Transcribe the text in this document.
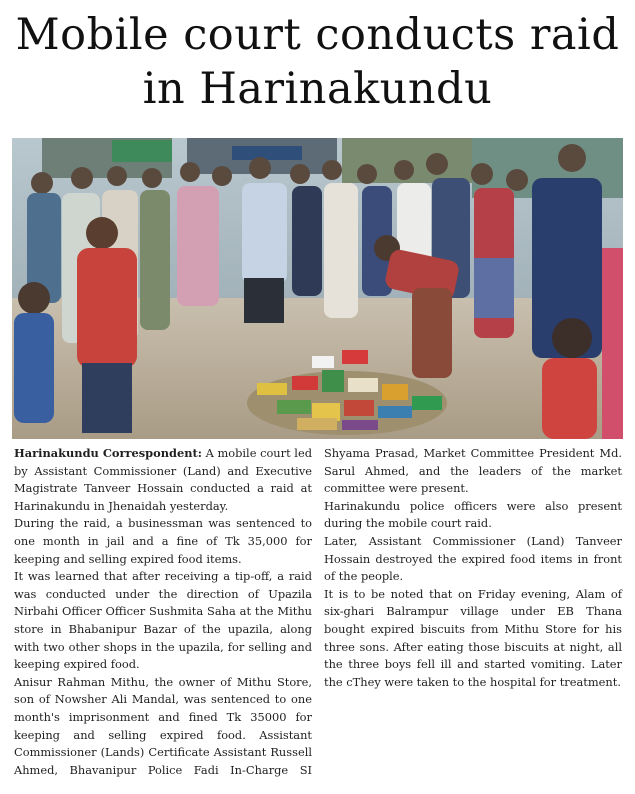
Mobile court conducts raid
in Harinakundu

Harinakundu Correspondent: A mobile court led by Assistant Commissioner (Land) and Executive Magistrate Tanveer Hossain conducted a raid at Harinakundu in Jhenaidah yesterday.

During the raid, a businessman was sentenced to one month in jail and a fine of Tk 35,000 for keeping and selling expired food items.

It was learned that after receiving a tip-off, a raid was conducted under the direction of Upazila Nirbahi Officer Officer Sushmita Saha at the Mithu store in Bhabanipur Bazar of the upazila, along with two other shops in the upazila, for selling and keeping expired food.

Anisur Rahman Mithu, the owner of Mithu Store, son of Nowsher Ali Mandal, was sentenced to one month's imprisonment and fined Tk 35000 for keeping and selling expired food. Assistant Commissioner (Lands) Certificate Assistant Russell Ahmed, Bhavanipur Police Fadi In-Charge SI Shyama Prasad, Market Committee President Md. Sarul Ahmed, and the leaders of the market committee were present.

Harinakundu police officers were also present during the mobile court raid.

Later, Assistant Commissioner (Land) Tanveer Hossain destroyed the expired food items in front of the people.

It is to be noted that on Friday evening, Alam of six-ghari Balrampur village under EB Thana bought expired biscuits from Mithu Store for his three sons. After eating those biscuits at night, all the three boys fell ill and started vomiting. Later the cThey were taken to the hospital for treatment.
